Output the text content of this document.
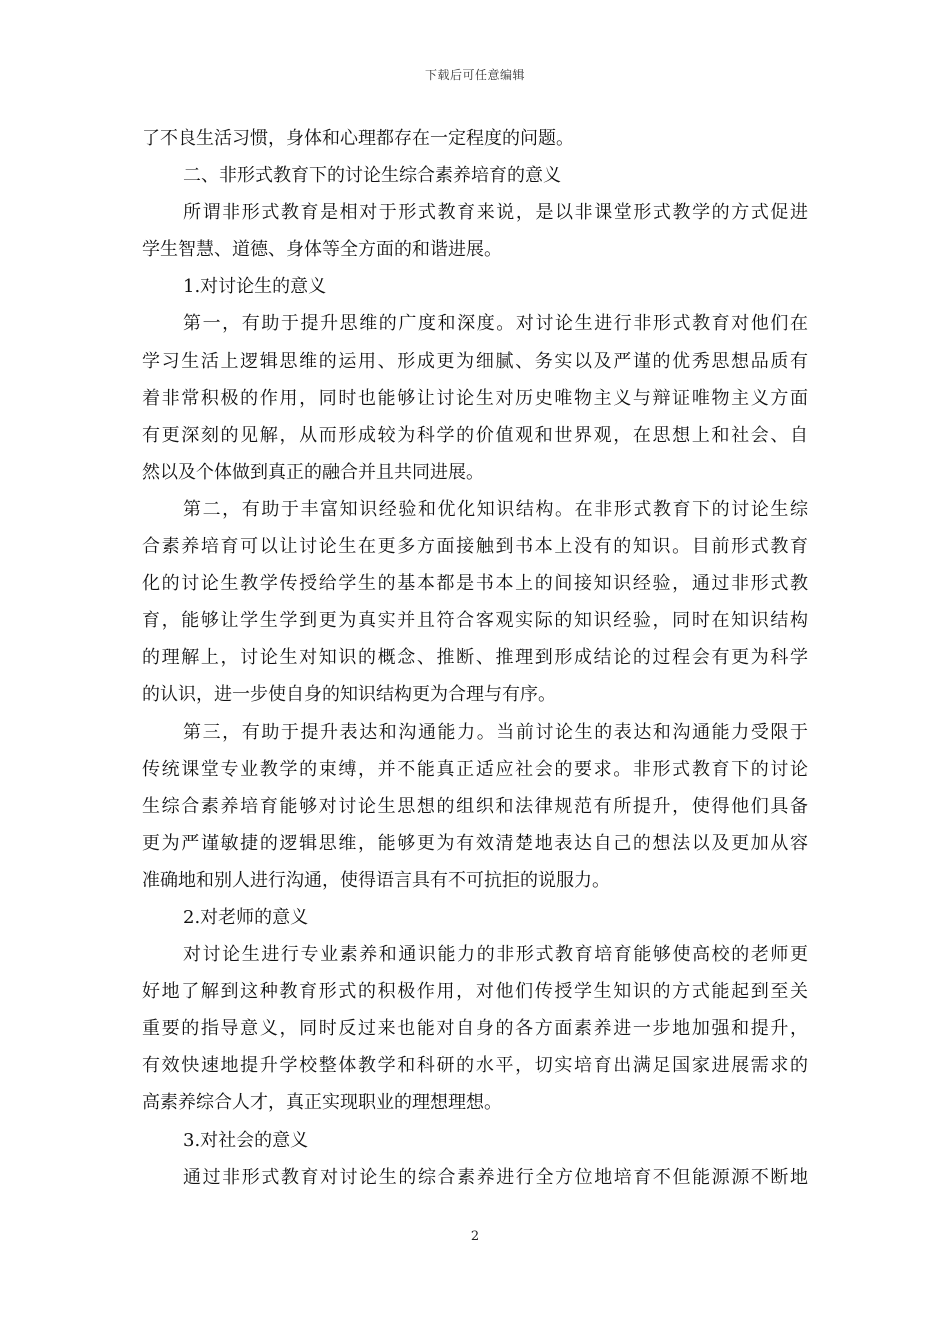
下载后可任意编辑
了不良生活习惯，身体和心理都存在一定程度的问题。
二、非形式教育下的讨论生综合素养培育的意义
所谓非形式教育是相对于形式教育来说，是以非课堂形式教学的方式促进
学生智慧、道德、身体等全方面的和谐进展。
1.对讨论生的意义
第一，有助于提升思维的广度和深度。对讨论生进行非形式教育对他们在
学习生活上逻辑思维的运用、形成更为细腻、务实以及严谨的优秀思想品质有
着非常积极的作用，同时也能够让讨论生对历史唯物主义与辩证唯物主义方面
有更深刻的见解，从而形成较为科学的价值观和世界观，在思想上和社会、自
然以及个体做到真正的融合并且共同进展。
第二，有助于丰富知识经验和优化知识结构。在非形式教育下的讨论生综
合素养培育可以让讨论生在更多方面接触到书本上没有的知识。目前形式教育
化的讨论生教学传授给学生的基本都是书本上的间接知识经验，通过非形式教
育，能够让学生学到更为真实并且符合客观实际的知识经验，同时在知识结构
的理解上，讨论生对知识的概念、推断、推理到形成结论的过程会有更为科学
的认识，进一步使自身的知识结构更为合理与有序。
第三，有助于提升表达和沟通能力。当前讨论生的表达和沟通能力受限于
传统课堂专业教学的束缚，并不能真正适应社会的要求。非形式教育下的讨论
生综合素养培育能够对讨论生思想的组织和法律规范有所提升，使得他们具备
更为严谨敏捷的逻辑思维，能够更为有效清楚地表达自己的想法以及更加从容
准确地和别人进行沟通，使得语言具有不可抗拒的说服力。
2.对老师的意义
对讨论生进行专业素养和通识能力的非形式教育培育能够使高校的老师更
好地了解到这种教育形式的积极作用，对他们传授学生知识的方式能起到至关
重要的指导意义，同时反过来也能对自身的各方面素养进一步地加强和提升，
有效快速地提升学校整体教学和科研的水平，切实培育出满足国家进展需求的
高素养综合人才，真正实现职业的理想理想。
3.对社会的意义
通过非形式教育对讨论生的综合素养进行全方位地培育不但能源源不断地
2
